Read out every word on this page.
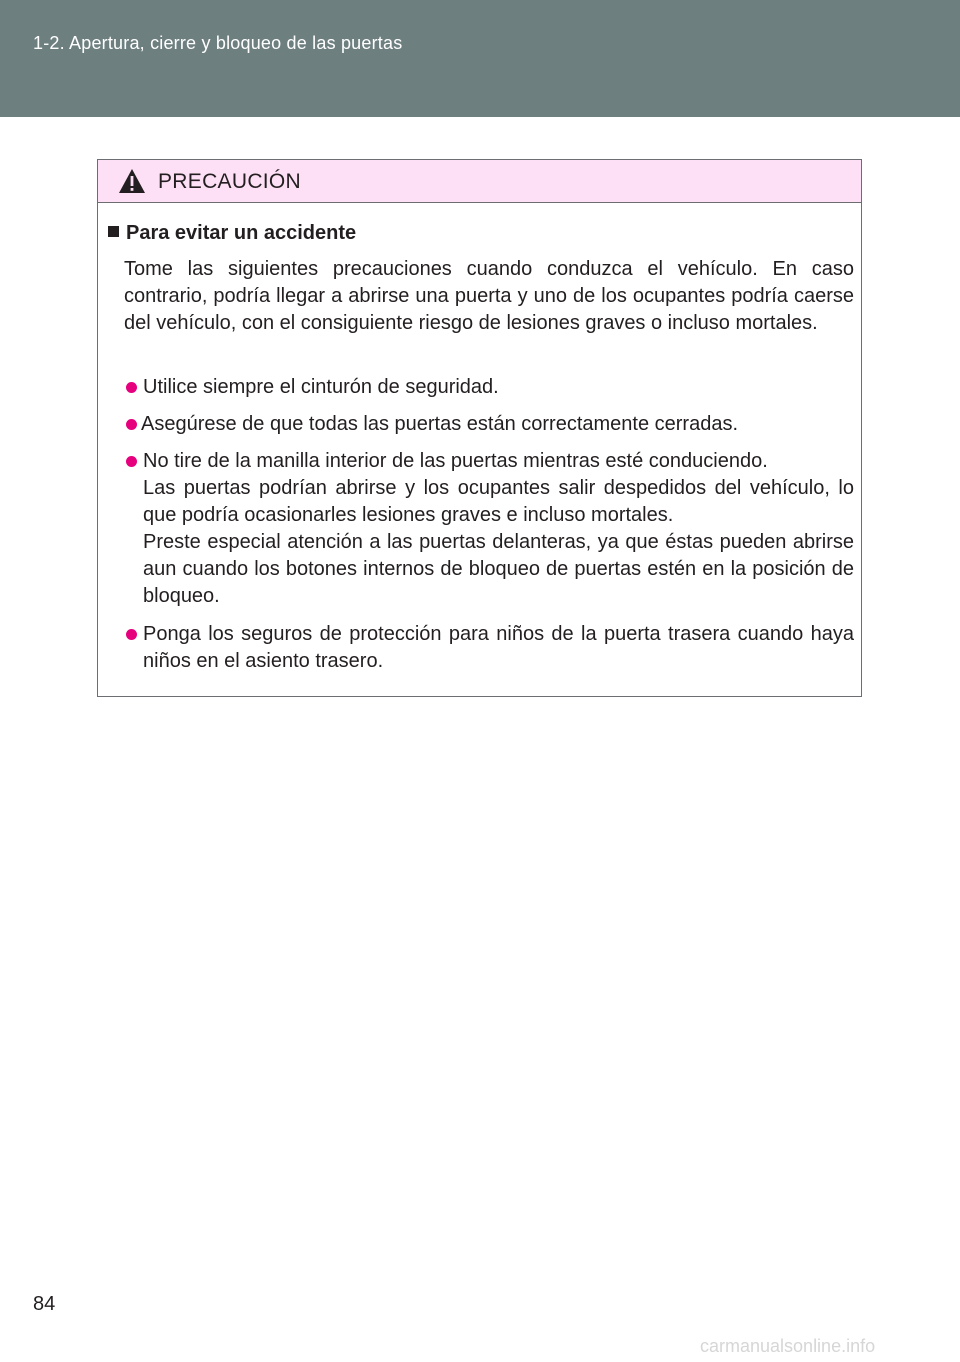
1-2. Apertura, cierre y bloqueo de las puertas
PRECAUCIÓN
Para evitar un accidente
Tome las siguientes precauciones cuando conduzca el vehículo. En caso contrario, podría llegar a abrirse una puerta y uno de los ocupantes podría caerse del vehículo, con el consiguiente riesgo de lesiones graves o incluso mortales.

Utilice siempre el cinturón de seguridad.

Asegúrese de que todas las puertas están correctamente cerradas.

No tire de la manilla interior de las puertas mientras esté conduciendo.

Las puertas podrían abrirse y los ocupantes salir despedidos del vehículo, lo que podría ocasionarles lesiones graves e incluso mortales.

Preste especial atención a las puertas delanteras, ya que éstas pueden abrirse aun cuando los botones internos de bloqueo de puertas estén en la posición de bloqueo.

Ponga los seguros de protección para niños de la puerta trasera cuando haya niños en el asiento trasero.

84
carmanualsonline.info
